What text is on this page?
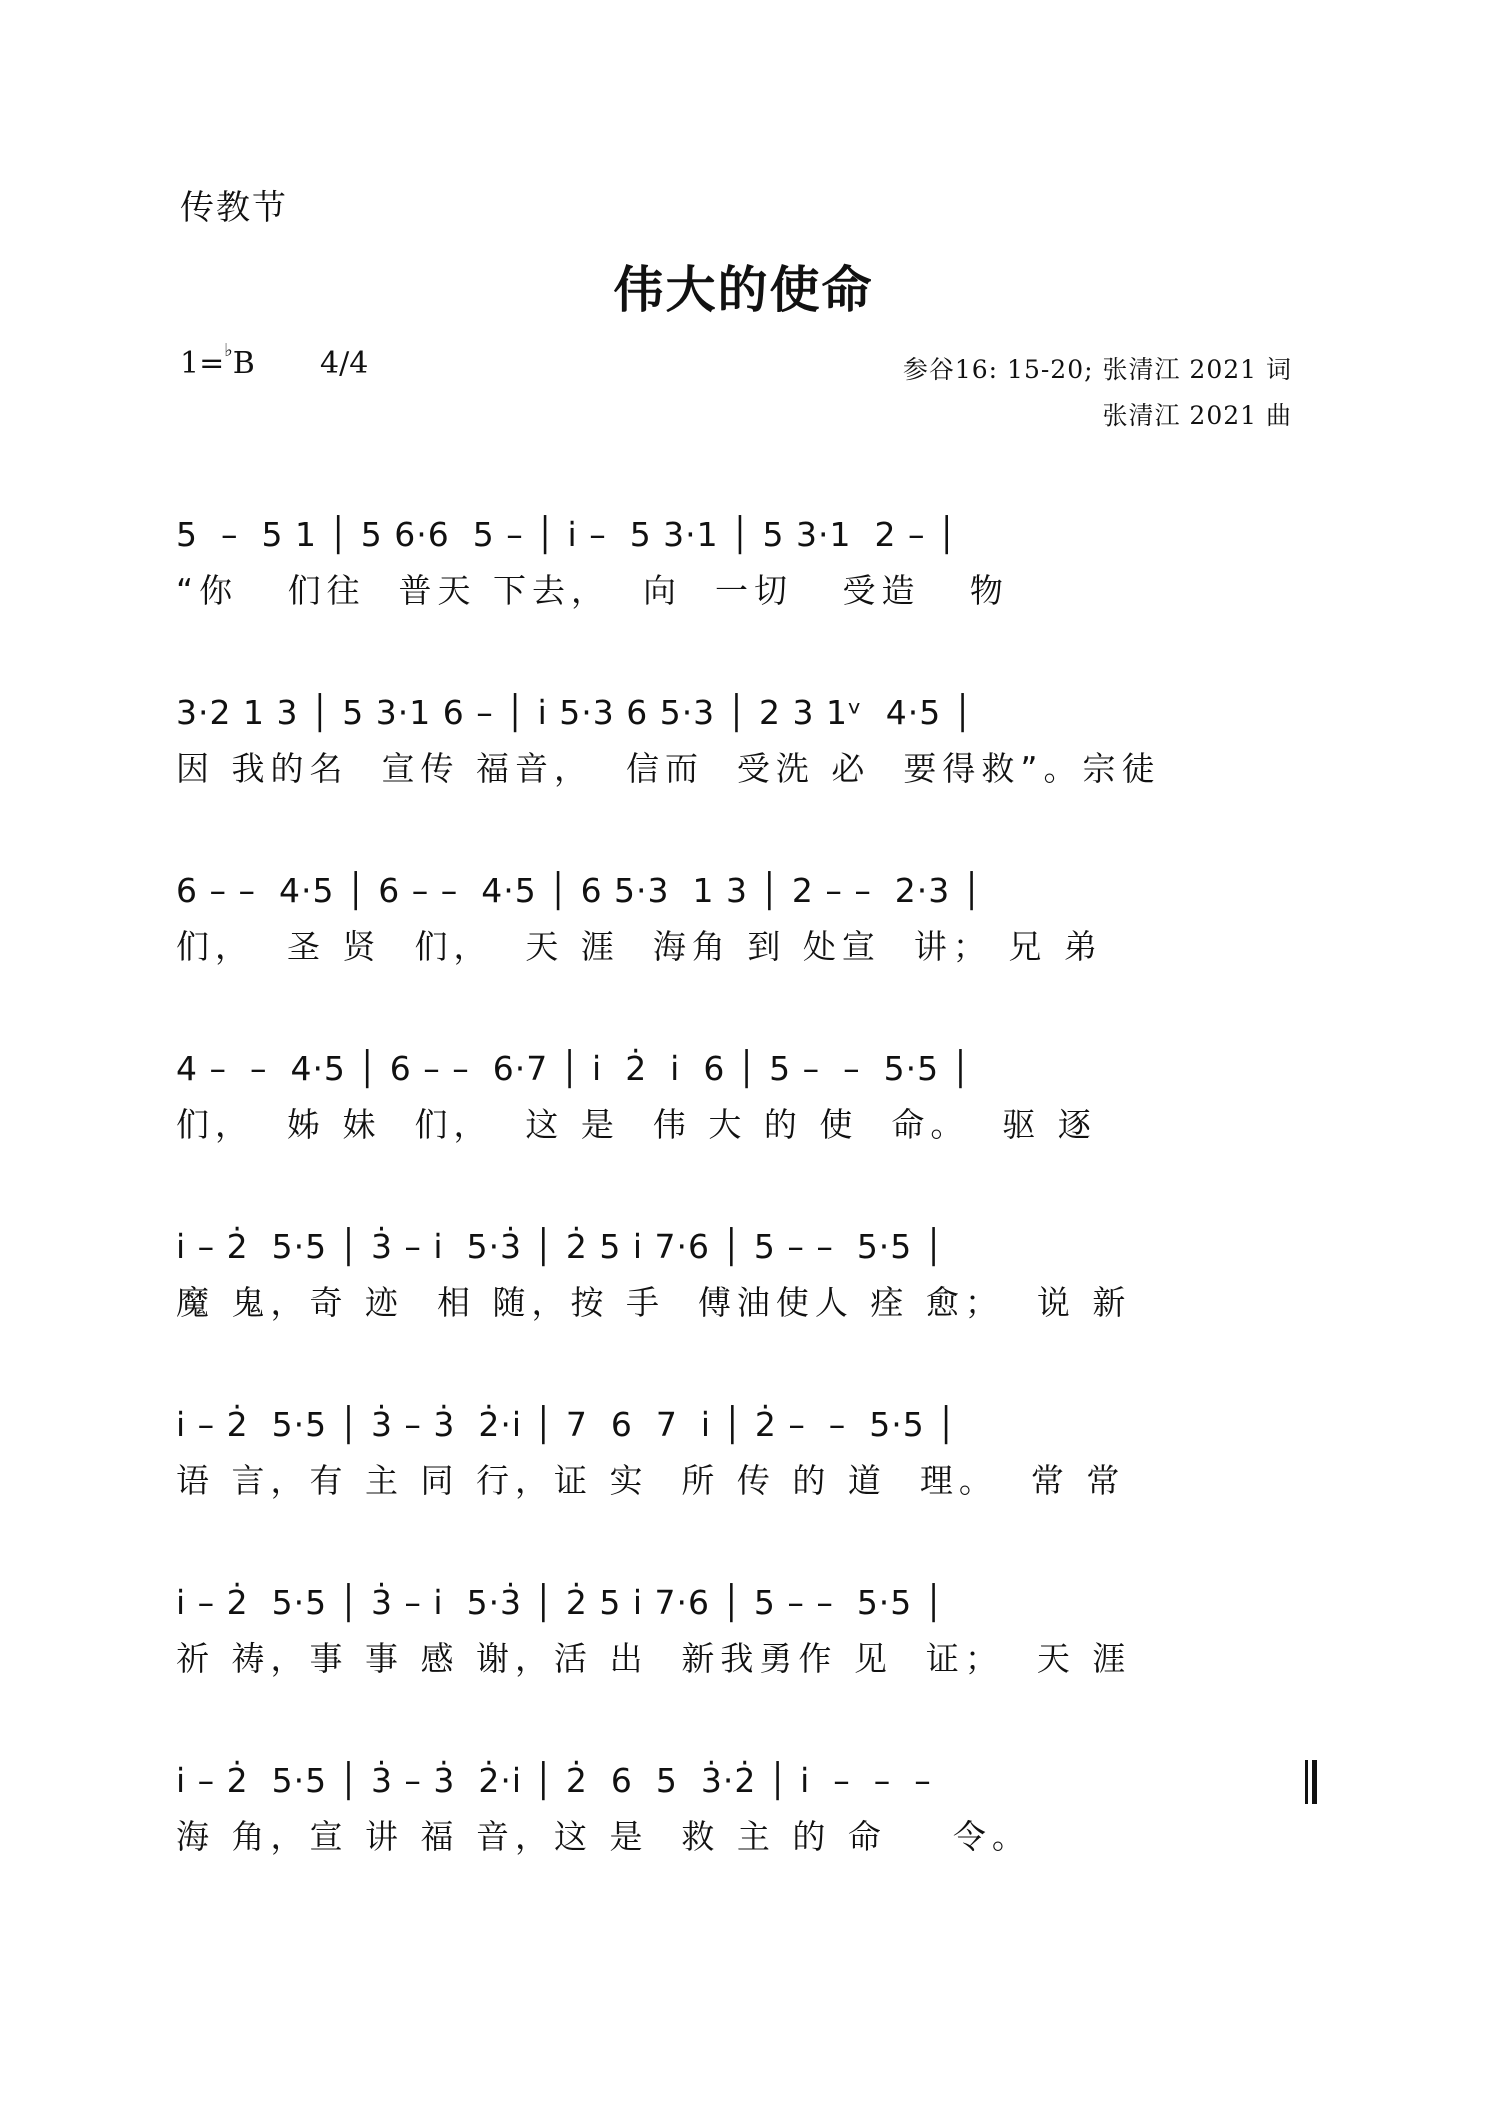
传教节
伟大的使命
1=♭B 4/4	参谷16: 15-20; 张清江 2021 词
张清江 2021 曲
5  –  5 1 │ 5 6·6  5 – │ i̇ –  5 3·1 │ 5 3·1  2 – │
“你   们往  普天 下去，  向  一切   受造   物
3·2 1 3 │ 5 3·1 6 – │ i̇ 5·3 6 5·3 │ 2 3 1ᵛ  4·5 │
因 我的名  宣传 福音，  信而  受洗 必  要得救”。宗徒
6 – –  4·5 │ 6 – –  4·5 │ 6 5·3  1 3 │ 2 – –  2·3 │
们，  圣 贤  们，  天 涯  海角 到 处宣  讲； 兄 弟
4 –  –  4·5 │ 6 – –  6·7 │ i̇  2̇  i̇  6 │ 5 –  –  5·5 │
们，  姊 妹  们，  这 是  伟 大 的 使  命。  驱 逐
i̇ – 2̇  5·5 │ 3̇ – i̇  5·3̇ │ 2̇ 5 i̇ 7·6 │ 5 – –  5·5 │
魔 鬼，奇 迹  相 随，按 手  傅油使人 痊 愈；  说 新
i̇ – 2̇  5·5 │ 3̇ – 3̇  2̇·i̇ │ 7  6  7  i̇ │ 2̇ –  –  5·5 │
语 言，有 主 同 行，证 实  所 传 的 道  理。  常 常
i̇ – 2̇  5·5 │ 3̇ – i̇  5·3̇ │ 2̇ 5 i̇ 7·6 │ 5 – –  5·5 │
祈 祷，事 事 感 谢，活 出  新我勇作 见  证；  天 涯
i̇ – 2̇  5·5 │ 3̇ – 3̇  2̇·i̇ │ 2̇  6  5  3̇·2̇ │ i̇  –  –  –
海 角，宣 讲 福 音，这 是  救 主 的 命    令。
